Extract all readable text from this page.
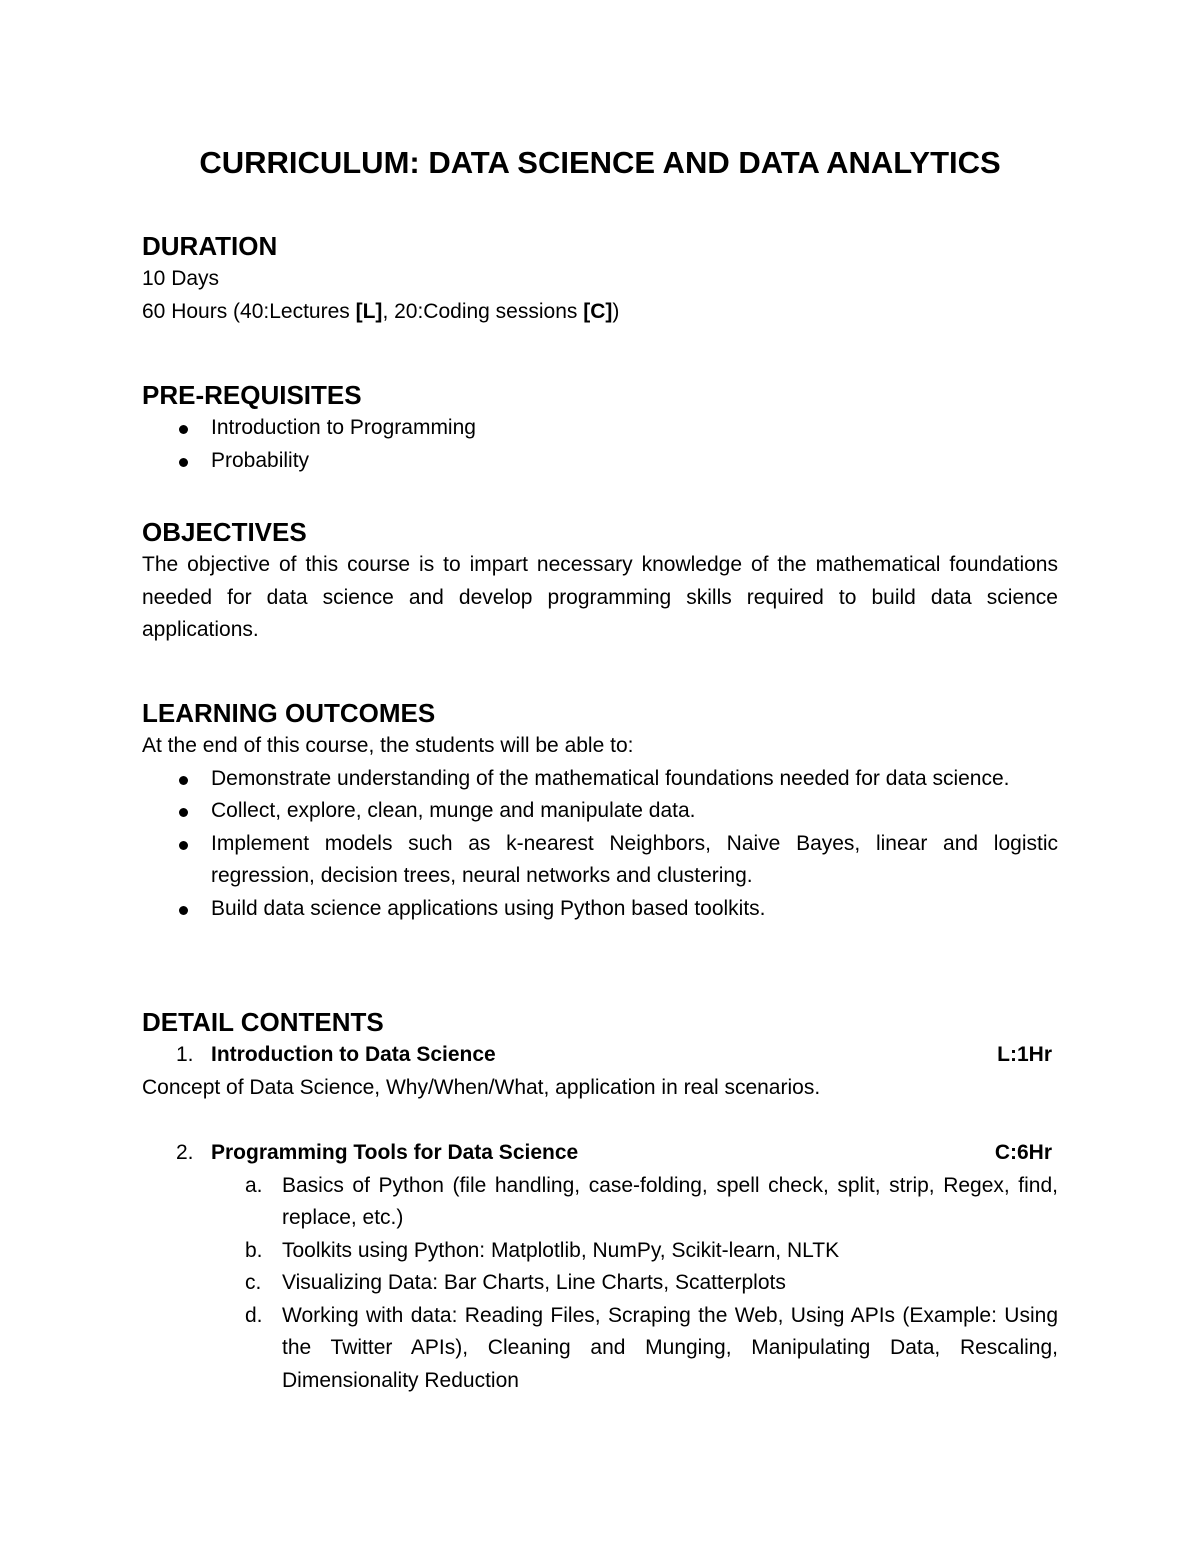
CURRICULUM: DATA SCIENCE AND DATA ANALYTICS
DURATION

10 Days

60 Hours (40:Lectures [L], 20:Coding sessions [C])

PRE-REQUISITES
Introduction to Programming
Probability
OBJECTIVES

The objective of this course is to impart necessary knowledge of the mathematical foundations needed for data science and develop programming skills required to build data science applications.

LEARNING OUTCOMES

At the end of this course, the students will be able to:

Demonstrate understanding of the mathematical foundations needed for data science.
Collect, explore, clean, munge and manipulate data.
Implement models such as k-nearest Neighbors, Naive Bayes, linear and logistic regression, decision trees, neural networks and clustering.
Build data science applications using Python based toolkits.
DETAIL CONTENTS
1. Introduction to Data Science	L:1Hr

Concept of Data Science, Why/When/What, application in real scenarios.

2. Programming Tools for Data Science	C:6Hr
a. Basics of Python (file handling, case-folding, spell check, split, strip, Regex, find, replace, etc.)
b. Toolkits using Python: Matplotlib, NumPy, Scikit-learn, NLTK
c. Visualizing Data: Bar Charts, Line Charts, Scatterplots
d. Working with data: Reading Files, Scraping the Web, Using APIs (Example: Using the Twitter APIs), Cleaning and Munging, Manipulating Data, Rescaling, Dimensionality Reduction
